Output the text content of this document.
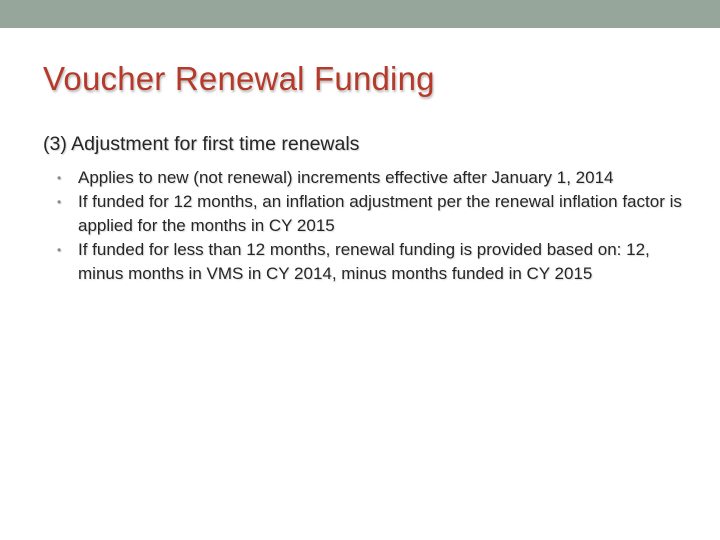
Voucher Renewal Funding

(3) Adjustment for first time renewals

• Applies to new (not renewal) increments effective after January 1, 2014
• If funded for 12 months, an inflation adjustment per the renewal inflation factor is applied for the months in CY 2015
• If funded for less than 12 months, renewal funding is provided based on: 12, minus months in VMS in CY 2014, minus months funded in CY 2015
